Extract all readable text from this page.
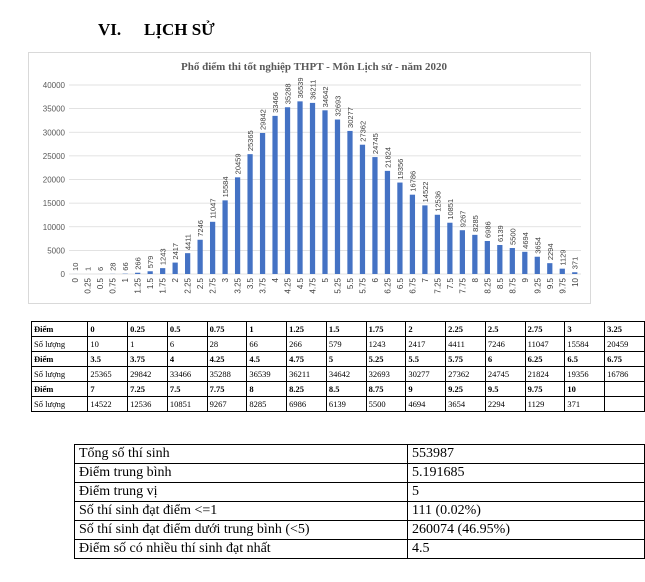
VI. LỊCH SỬ
Phổ điểm thi tốt nghiệp THPT - Môn Lịch sử - năm 2020
0
5000
10000
15000
20000
25000
30000
35000
40000
10 1 6 28 66 266 579 1243 2417
4411
7246
11047
15584
20459
25365
29842
33466 35288 36539 36211 34642 32693
30277
27362
24745
21824
19356
16786
14522 12536 10851 9267 8285 6986 6139 5500 4694 3654 2294 1129 371
0 0.25 0.5 0.75 1 1.25 1.5 1.75 2 2.25 2.5 2.75 3 3.25 3.5 3.75 4 4.25 4.5 4.75 5 5.25 5.5 5.75 6 6.25 6.5 6.75 7 7.25 7.5 7.75 8 8.25 8.5 8.75 9 9.25 9.5 9.75 10
Điểm	0	0.25	0.5	0.75	1	1.25	1.5	1.75	2	2.25	2.5	2.75	3	3.25
Số lượng	10	1	6	28	66	266	579	1243	2417	4411	7246	11047	15584	20459
Điểm	3.5	3.75	4	4.25	4.5	4.75	5	5.25	5.5	5.75	6	6.25	6.5	6.75
Số lượng	25365	29842	33466	35288	36539	36211	34642	32693	30277	27362	24745	21824	19356	16786
Điểm	7	7.25	7.5	7.75	8	8.25	8.5	8.75	9	9.25	9.5	9.75	10	
Số lượng	14522	12536	10851	9267	8285	6986	6139	5500	4694	3654	2294	1129	371	
Tổng số thí sinh	553987
Điểm trung bình	5.191685
Điểm trung vị	5
Số thí sinh đạt điểm <=1	111 (0.02%)
Số thí sinh đạt điểm dưới trung bình (<5)	260074 (46.95%)
Điểm số có nhiều thí sinh đạt nhất	4.5
